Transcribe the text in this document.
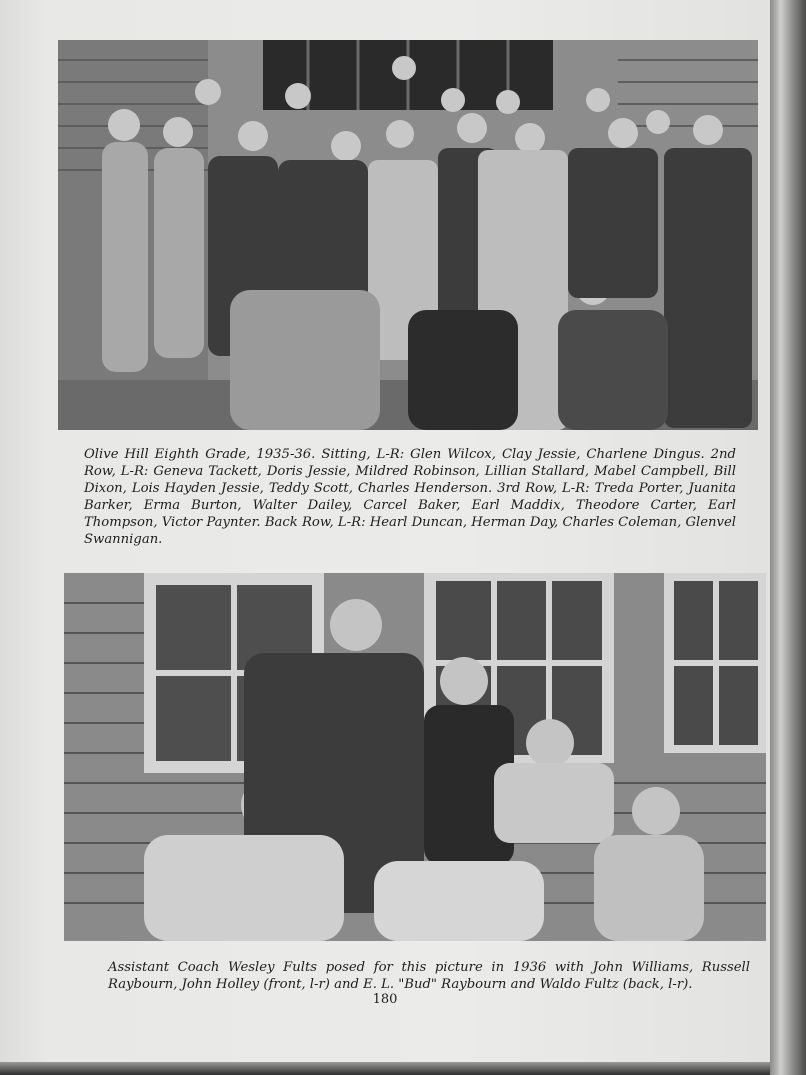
Olive Hill Eighth Grade, 1935-36. Sitting, L-R: Glen Wilcox, Clay Jessie, Charlene Dingus. 2nd Row, L-R: Geneva Tackett, Doris Jessie, Mildred Robinson, Lillian Stallard, Mabel Campbell, Bill Dixon, Lois Hayden Jessie, Teddy Scott, Charles Henderson. 3rd Row, L-R: Treda Porter, Juanita Barker, Erma Burton, Walter Dailey, Carcel Baker, Earl Maddix, Theodore Carter, Earl Thompson, Victor Paynter. Back Row, L-R: Hearl Duncan, Herman Day, Charles Coleman, Glenvel Swannigan.

Assistant Coach Wesley Fults posed for this picture in 1936 with John Williams, Russell Raybourn, John Holley (front, l-r) and E. L. "Bud" Raybourn and Waldo Fultz (back, l-r).

180
